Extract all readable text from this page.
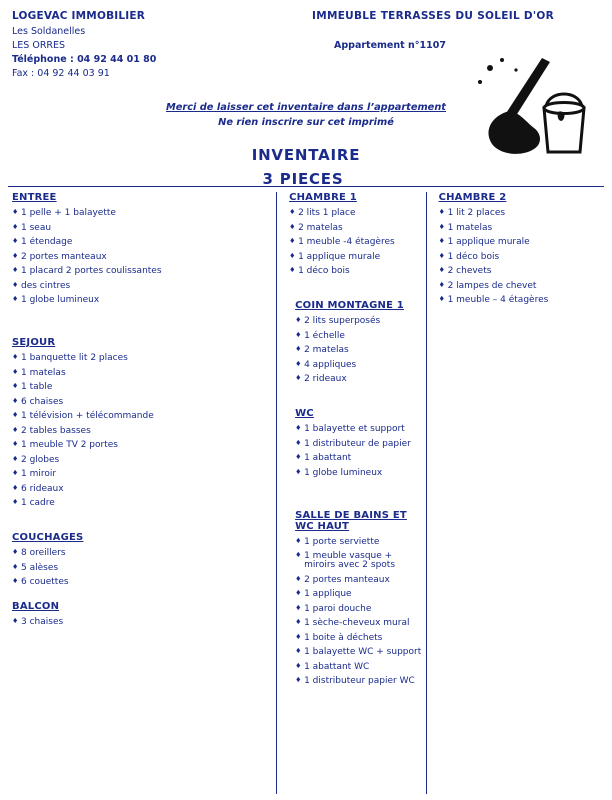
LOGEVAC IMMOBILIER
Les Soldanelles
LES ORRES
Téléphone : 04 92 44 01 80
Fax : 04 92 44 03 91
IMMEUBLE TERRASSES DU SOLEIL D'OR
Appartement n°1107
Merci de laisser cet inventaire dans l’appartement
Ne rien inscrire sur cet imprimé
INVENTAIRE
3 PIECES
ENTREE
♦ 1 pelle + 1 balayette
♦ 1 seau
♦ 1 étendage
♦ 2 portes manteaux
♦ 1 placard 2 portes coulissantes
♦ des cintres
♦ 1 globe lumineux
SEJOUR
♦ 1 banquette lit 2 places
♦ 1 matelas
♦ 1 table
♦ 6 chaises
♦ 1 télévision + télécommande
♦ 2 tables basses
♦ 1 meuble TV 2 portes
♦ 2 globes
♦ 1 miroir
♦ 6 rideaux
♦ 1 cadre
COUCHAGES
♦ 8 oreillers
♦ 5 alèses
♦ 6 couettes
BALCON
♦ 3 chaises
CHAMBRE 1
♦ 2 lits 1 place
♦ 2 matelas
♦ 1 meuble -4 étagères
♦ 1 applique murale
♦ 1 déco bois
COIN MONTAGNE 1
♦ 2 lits superposés
♦ 1 échelle
♦ 2 matelas
♦ 4 appliques
♦ 2 rideaux
WC
♦ 1 balayette et support
♦ 1 distributeur de papier
♦ 1 abattant
♦ 1 globe lumineux
SALLE DE BAINS ET WC HAUT
♦ 1 porte serviette
♦ 1 meuble vasque + miroirs avec 2 spots
♦ 2 portes manteaux
♦ 1 applique
♦ 1 paroi douche
♦ 1 sèche-cheveux mural
♦ 1 boite à déchets
♦ 1 balayette WC + support
♦ 1 abattant WC
♦ 1 distributeur papier WC
CHAMBRE 2
♦ 1 lit 2 places
♦ 1 matelas
♦ 1 applique murale
♦ 1 déco bois
♦ 2 chevets
♦ 2 lampes de chevet
♦ 1 meuble – 4 étagères
